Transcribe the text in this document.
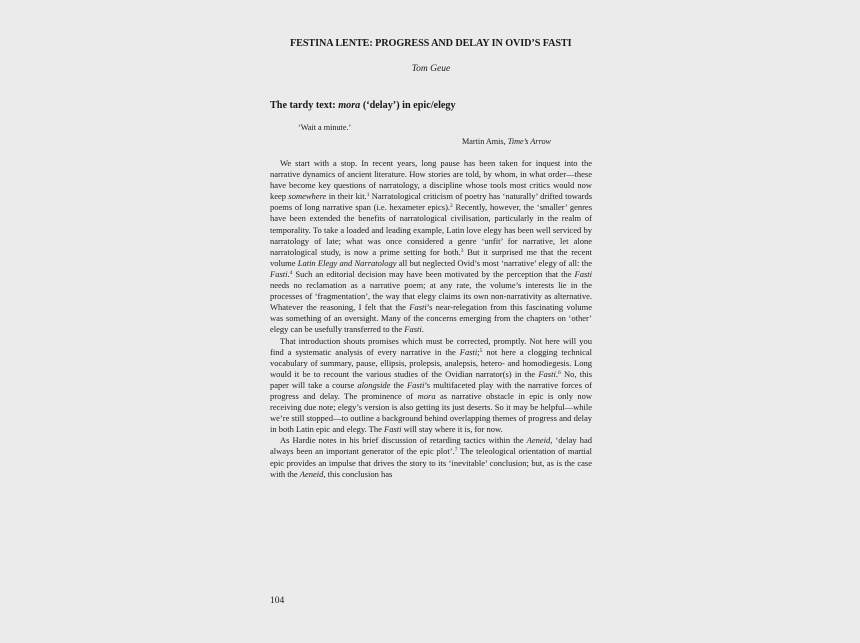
FESTINA LENTE: PROGRESS AND DELAY IN OVID’S FASTI
Tom Geue
The tardy text: mora (‘delay’) in epic/elegy
‘Wait a minute.’
Martin Amis, Time’s Arrow

We start with a stop. In recent years, long pause has been taken for inquest into the narrative dynamics of ancient literature. How stories are told, by whom, in what order—these have become key questions of narratology, a discipline whose tools most critics would now keep somewhere in their kit.$^1$ Narratological criticism of poetry has ‘naturally’ drifted towards poems of long narrative span (i.e. hexameter epics).$^2$ Recently, however, the ‘smaller’ genres have been extended the benefits of narratological civilisation, particularly in the realm of temporality. To take a loaded and leading example, Latin love elegy has been well serviced by narratology of late; what was once considered a genre ‘unfit’ for narrative, let alone narratological study, is now a prime setting for both.$^3$ But it surprised me that the recent volume Latin Elegy and Narratology all but neglected Ovid’s most ‘narrative’ elegy of all: the Fasti.$^4$ Such an editorial decision may have been motivated by the perception that the Fasti needs no reclamation as a narrative poem; at any rate, the volume’s interests lie in the processes of ‘fragmentation’, the way that elegy claims its own non-narrativity as alternative. Whatever the reasoning, I felt that the Fasti’s near-relegation from this fascinating volume was something of an oversight. Many of the concerns emerging from the chapters on ‘other’ elegy can be usefully transferred to the Fasti.

That introduction shouts promises which must be corrected, promptly. Not here will you find a systematic analysis of every narrative in the Fasti;$^5$ not here a clogging technical vocabulary of summary, pause, ellipsis, prolepsis, analepsis, hetero- and homodiegesis. Long would it be to recount the various studies of the Ovidian narrator(s) in the Fasti.$^6$ No, this paper will take a course alongside the Fasti’s multifaceted play with the narrative forces of progress and delay. The prominence of mora as narrative obstacle in epic is only now receiving due note; elegy’s version is also getting its just deserts. So it may be helpful—while we’re still stopped—to outline a background behind overlapping themes of progress and delay in both Latin epic and elegy. The Fasti will stay where it is, for now.

As Hardie notes in his brief discussion of retarding tactics within the Aeneid, ‘delay had always been an important generator of the epic plot’.$^7$ The teleological orientation of martial epic provides an impulse that drives the story to its ‘inevitable’ conclusion; but, as is the case with the Aeneid, this conclusion has

104
